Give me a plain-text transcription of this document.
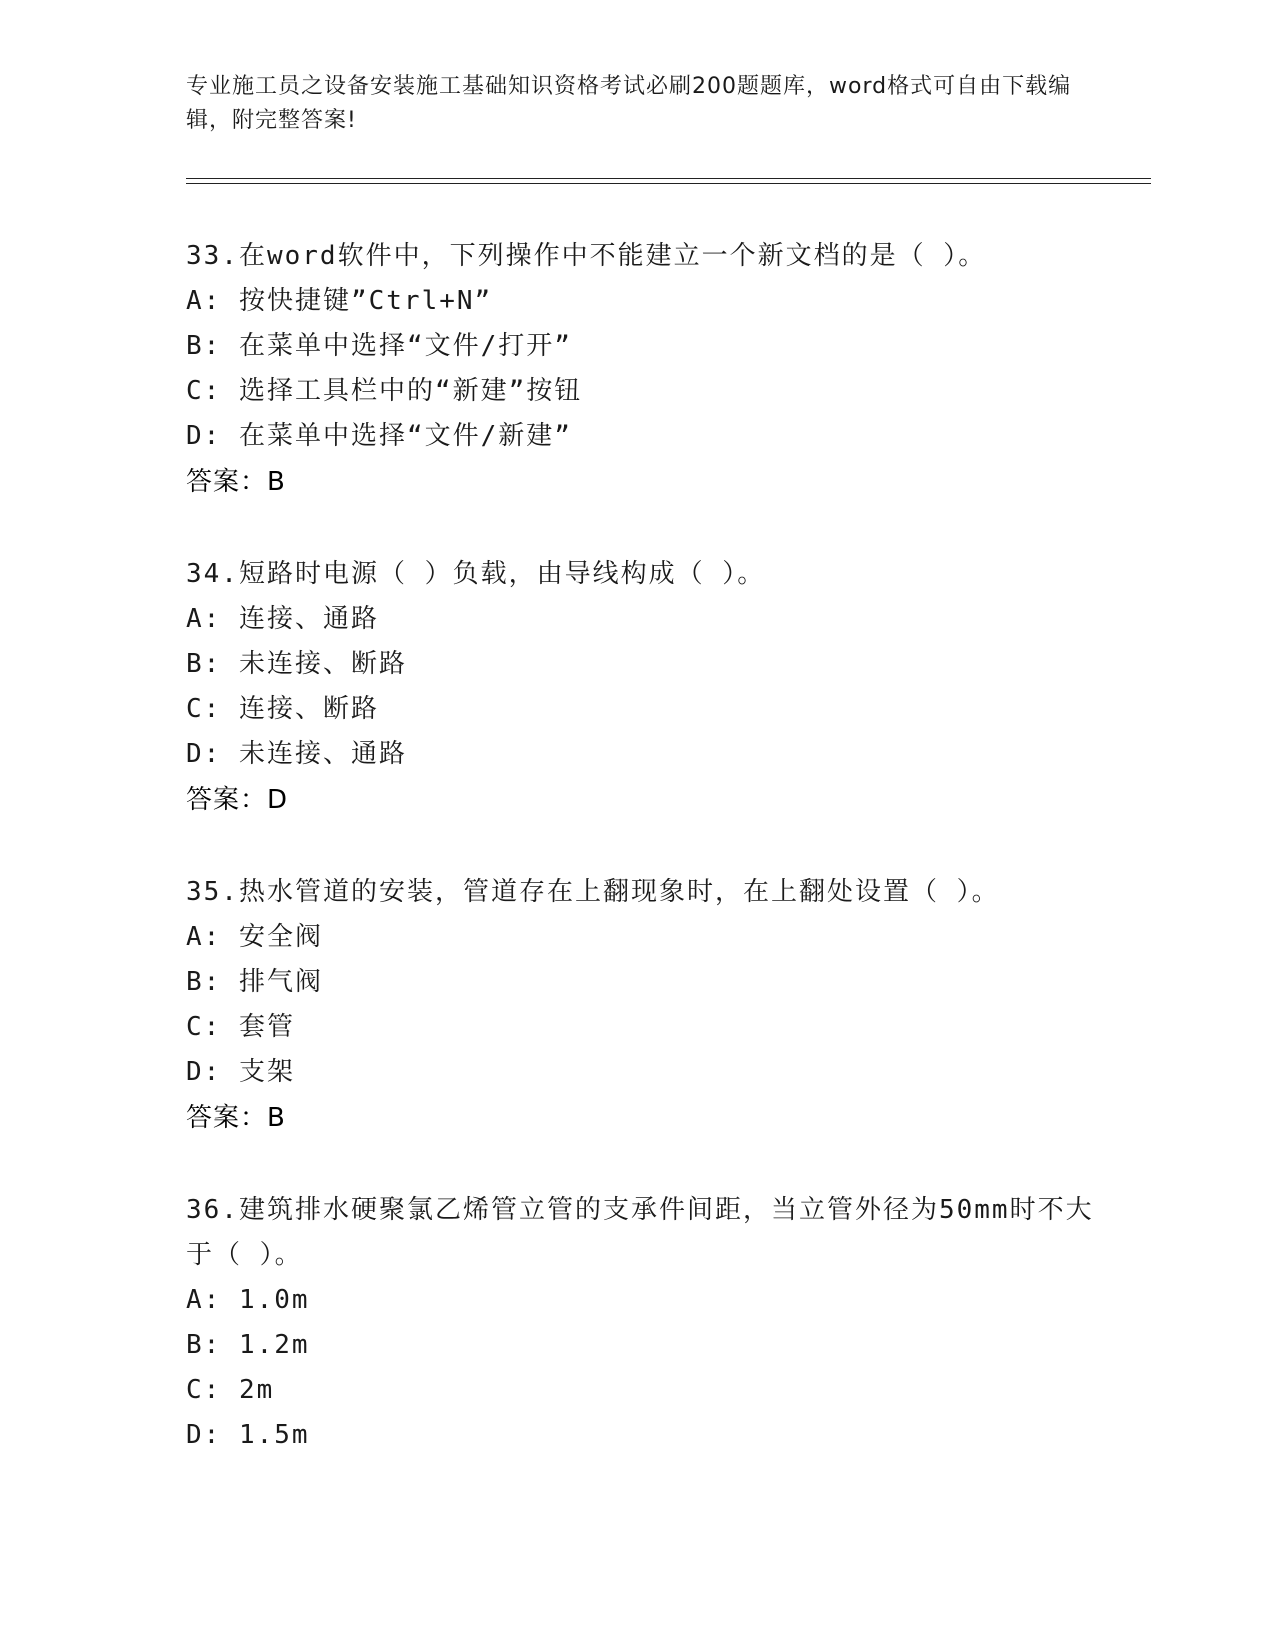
专业施工员之设备安装施工基础知识资格考试必刷200题题库，word格式可自由下载编辑，附完整答案!
33.在word软件中，下列操作中不能建立一个新文档的是（ ）。
A: 按快捷键”Ctrl+N”
B: 在菜单中选择“文件/打开”
C: 选择工具栏中的“新建”按钮
D: 在菜单中选择“文件/新建”
答案：B
34.短路时电源（ ）负载，由导线构成（ ）。
A: 连接、通路
B: 未连接、断路
C: 连接、断路
D: 未连接、通路
答案：D
35.热水管道的安装，管道存在上翻现象时，在上翻处设置（ ）。
A: 安全阀
B: 排气阀
C: 套管
D: 支架
答案：B
36.建筑排水硬聚氯乙烯管立管的支承件间距，当立管外径为50mm时不大于（ ）。
A: 1.0m
B: 1.2m
C: 2m
D: 1.5m
